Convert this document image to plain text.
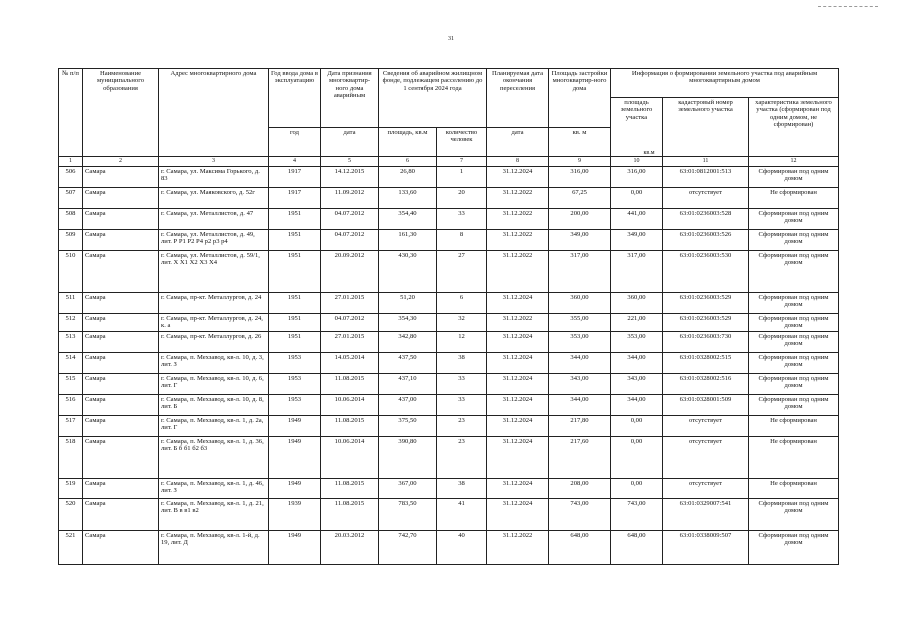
31
№ п/п	Наименование муниципального образования	Адрес многоквартирного дома	Год ввода дома в эксплуатацию	Дата признания многоквартир-ного дома аварийным	Сведения об аварийном жилищном фонде, подлежащем расселению до 1 сентября 2024 года		Планируемая дата окончания переселения	Площадь застройки многоквартир-ного дома	Информация о формировании земельного участка под аварийным многоквартирным домом		
									площадь земельного участка	кадастровый номер земельного участка	характеристика земельного участка (сформирован под одним домом, не сформирован)
			год	дата	площадь, кв.м	количество человек	дата	кв. м			
1	2	3	4	5	6	7	8	9	10	11	12
506	Самара	г. Самара, ул. Максима Горького, д. 83	1917	14.12.2015	26,80	1	31.12.2024	316,00	316,00	63:01:0812001:513	Сформирован под одним домом
507	Самара	г. Самара, ул. Маяковского, д. 52г	1917	11.09.2012	133,60	20	31.12.2022	67,25	0,00	отсутствует	Не сформирован
508	Самара	г. Самара, ул. Металлистов, д. 47	1951	04.07.2012	354,40	33	31.12.2022	200,00	441,00	63:01:0236003:528	Сформирован под одним домом
509	Самара	г. Самара, ул. Металлистов, д. 49, лит. Р Р1 Р2 Р4 р2 р3 р4	1951	04.07.2012	161,30	8	31.12.2022	349,00	349,00	63:01:0236003:526	Сформирован под одним домом
510	Самара	г. Самара, ул. Металлистов, д. 59/1, лит. Х Х1 Х2 Х3 Х4	1951	20.09.2012	430,30	27	31.12.2022	317,00	317,00	63:01:0236003:530	Сформирован под одним домом
511	Самара	г. Самара, пр-кт. Металлургов, д. 24	1951	27.01.2015	51,20	6	31.12.2024	360,00	360,00	63:01:0236003:529	Сформирован под одним домом
512	Самара	г. Самара, пр-кт. Металлургов, д. 24, к. а	1951	04.07.2012	354,30	32	31.12.2022	355,00	221,00	63:01:0236003:529	Сформирован под одним домом
513	Самара	г. Самара, пр-кт. Металлургов, д. 26	1951	27.01.2015	342,80	12	31.12.2024	353,00	353,00	63:01:0236003:730	Сформирован под одним домом
514	Самара	г. Самара, п. Мехзавод, кв-л. 10, д. 3, лит. З	1953	14.05.2014	437,50	38	31.12.2024	344,00	344,00	63:01:0328002:515	Сформирован под одним домом
515	Самара	г. Самара, п. Мехзавод, кв-л. 10, д. 6, лит. Г	1953	11.08.2015	437,10	33	31.12.2024	343,00	343,00	63:01:0328002:516	Сформирован под одним домом
516	Самара	г. Самара, п. Мехзавод, кв-л. 10, д. 8, лит. Б	1953	10.06.2014	437,00	33	31.12.2024	344,00	344,00	63:01:0328001:509	Сформирован под одним домом
517	Самара	г. Самара, п. Мехзавод, кв-л. 1, д. 2а, лит. Г	1949	11.08.2015	375,50	23	31.12.2024	217,80	0,00	отсутствует	Не сформирован
518	Самара	г. Самара, п. Мехзавод, кв-л. 1, д. 36, лит. Б б б1 б2 б3	1949	10.06.2014	390,80	23	31.12.2024	217,60	0,00	отсутствует	Не сформирован
519	Самара	г. Самара, п. Мехзавод, кв-л. 1, д. 46, лит. З	1949	11.08.2015	367,00	38	31.12.2024	208,00	0,00	отсутствует	Не сформирован
520	Самара	г. Самара, п. Мехзавод, кв-л. 1, д. 21, лит. В в в1 в2	1939	11.08.2015	783,50	41	31.12.2024	743,00	743,00	63:01:0329007:541	Сформирован под одним домом
521	Самара	г. Самара, п. Мехзавод, кв-л. 1-й, д. 19, лит. Д	1949	20.03.2012	742,70	40	31.12.2022	648,00	648,00	63:01:0338009:507	Сформирован под одним домом
кв.м
